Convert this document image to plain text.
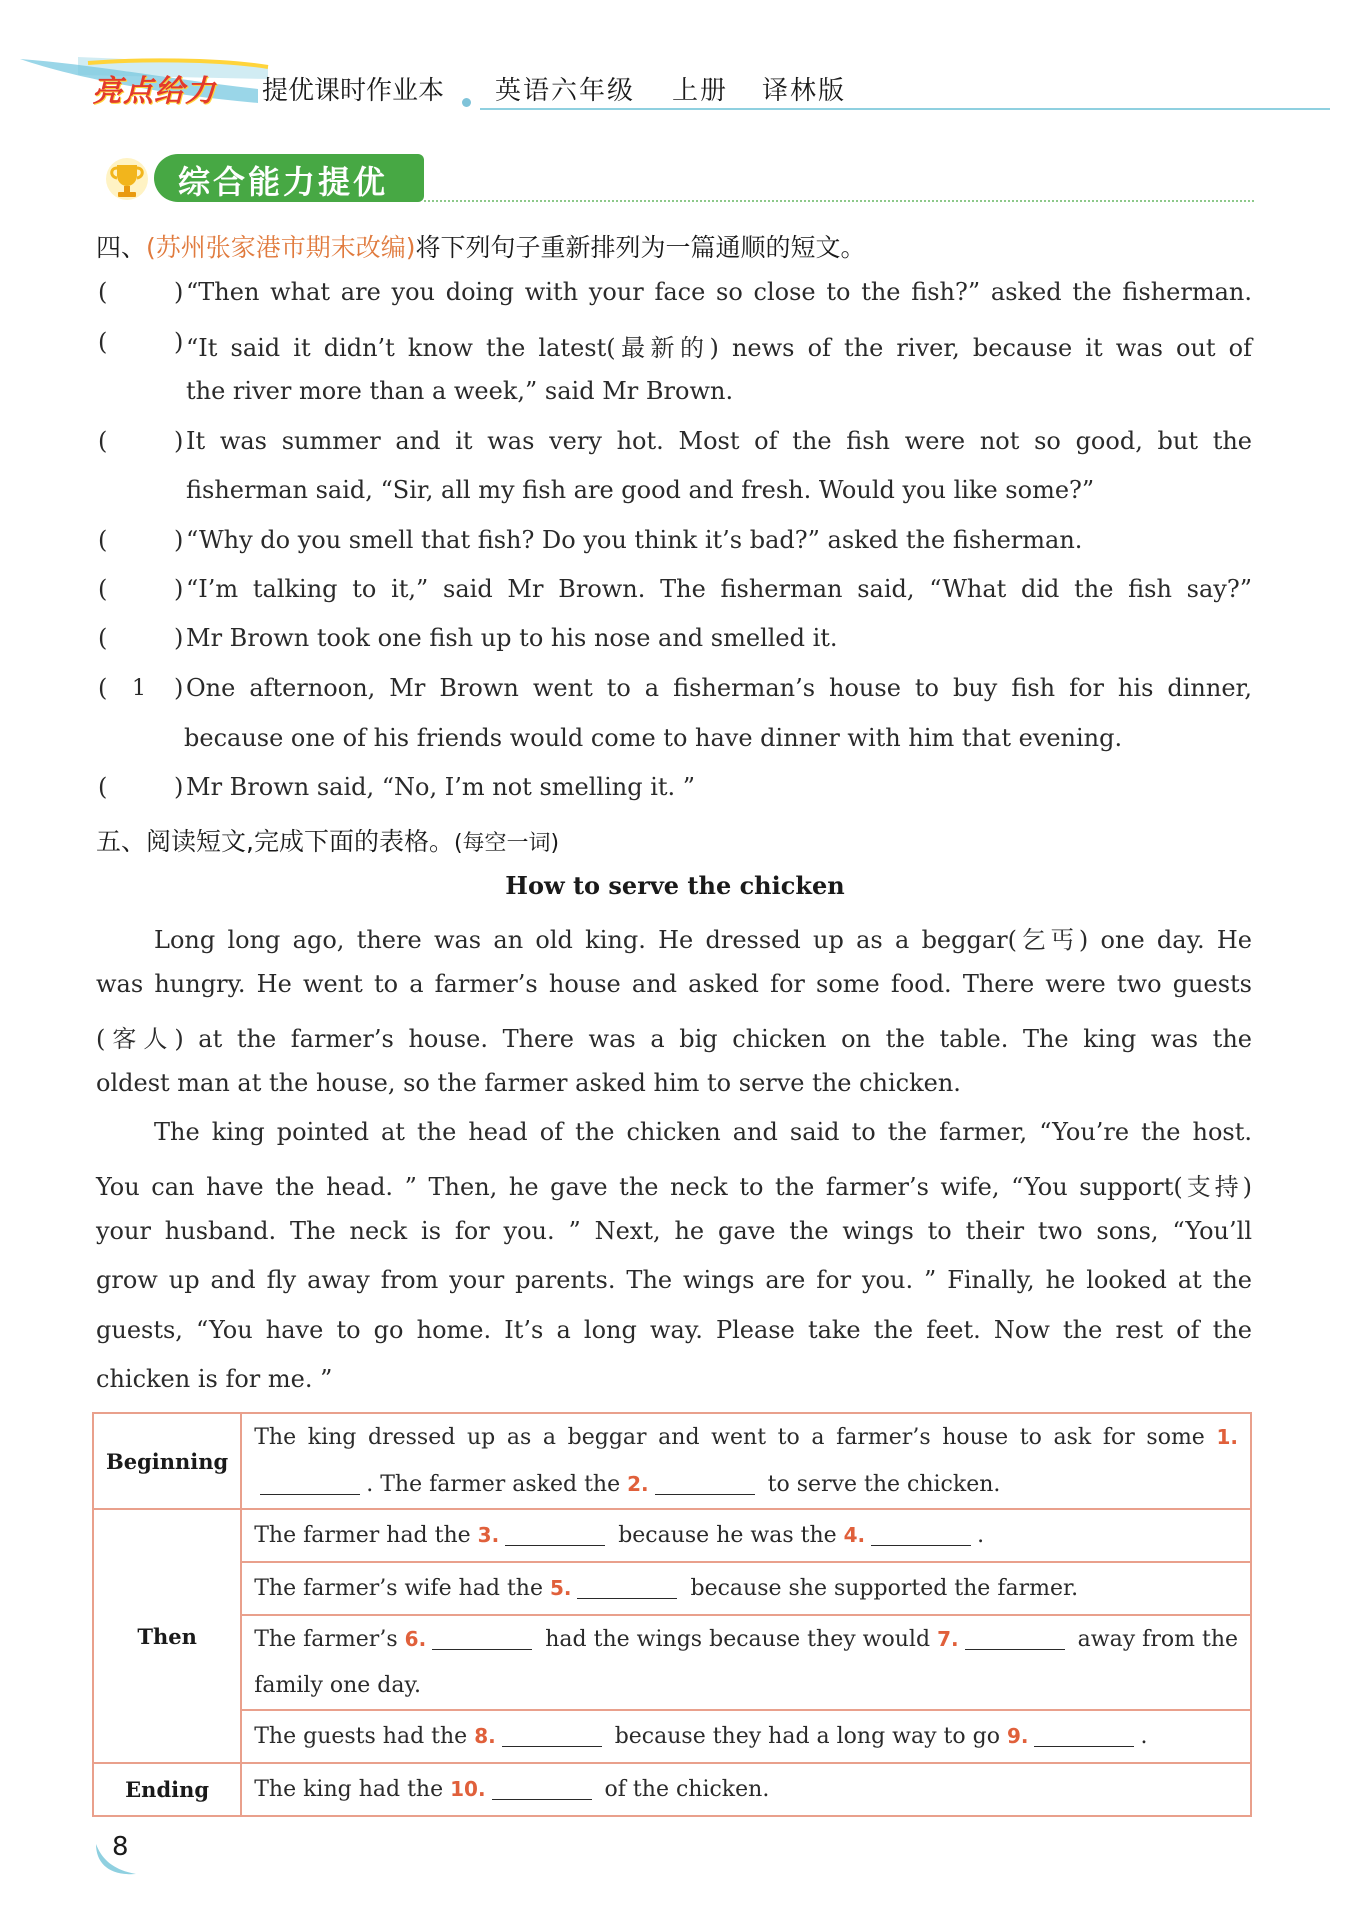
亮点给力 提优课时作业本 英语六年级 上册 译林版
综合能力提优
四、(苏州张家港市期末改编)将下列句子重新排列为一篇通顺的短文。
(	) “Then what are you doing with your face so close to the fish?” asked the fisherman.
(	) “It said it didn’t know the latest(最新的) news of the river, because it was out of
the river more than a week,” said Mr Brown.
(	) It was summer and it was very hot. Most of the fish were not so good, but the
fisherman said, “Sir, all my fish are good and fresh. Would you like some?”
(	) “Why do you smell that fish? Do you think it’s bad?” asked the fisherman.
(	) “I’m talking to it,” said Mr Brown. The fisherman said, “What did the fish say?”
(	) Mr Brown took one fish up to his nose and smelled it.
( 1 ) One afternoon, Mr Brown went to a fisherman’s house to buy fish for his dinner,
because one of his friends would come to have dinner with him that evening.
(	) Mr Brown said, “No, I’m not smelling it. ”
五、阅读短文,完成下面的表格。(每空一词)
How to serve the chicken
Long long ago, there was an old king. He dressed up as a beggar(乞丐) one day. He
was hungry. He went to a farmer’s house and asked for some food. There were two guests
(客人) at the farmer’s house. There was a big chicken on the table. The king was the
oldest man at the house, so the farmer asked him to serve the chicken.
The king pointed at the head of the chicken and said to the farmer, “You’re the host.
You can have the head. ” Then, he gave the neck to the farmer’s wife, “You support(支持)
your husband. The neck is for you. ” Next, he gave the wings to their two sons, “You’ll
grow up and fly away from your parents. The wings are for you. ” Finally, he looked at the
guests, “You have to go home. It’s a long way. Please take the feet. Now the rest of the
chicken is for me. ”
Beginning	The king dressed up as a beggar and went to a farmer’s house to ask for some 1.. The farmer asked the 2. to serve the chicken.
Then	The farmer had the 3. because he was the 4. .
	The farmer’s wife had the 5. because she supported the farmer.
	The farmer’s 6. had the wings because they would 7. away from the family one day.
	The guests had the 8. because they had a long way to go 9. .
Ending	The king had the 10. of the chicken.
8
